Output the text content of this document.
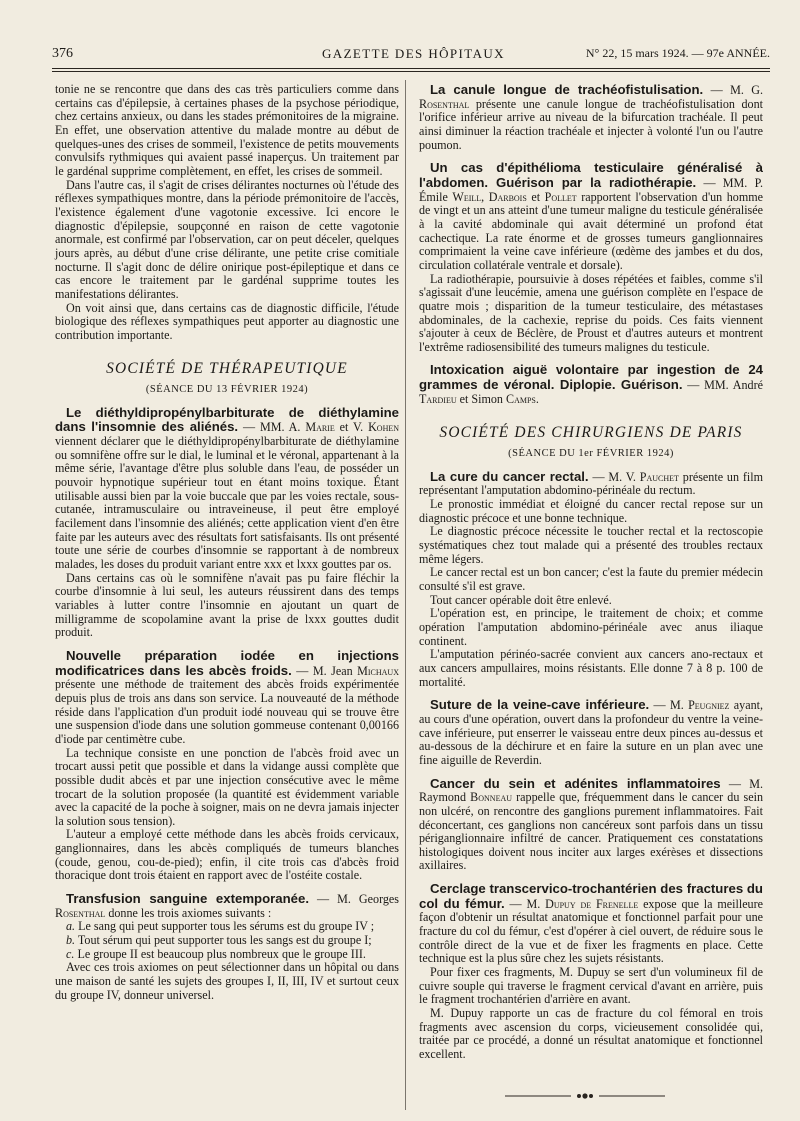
376	GAZETTE DES HÔPITAUX	N° 22, 15 mars 1924. — 97e ANNÉE.

tonie ne se rencontre que dans des cas très particuliers comme dans certains cas d'épilepsie, à certaines phases de la psychose périodique, chez certains anxieux, ou dans les stades prémonitoires de la migraine. En effet, une observation attentive du malade montre au début de quelques-unes des crises de sommeil, l'existence de petits mouvements convulsifs rythmiques qui avaient passé inaperçus. Un traitement par le gardénal supprime complètement, en effet, les crises de sommeil.

Dans l'autre cas, il s'agit de crises délirantes nocturnes où l'étude des réflexes sympathiques montre, dans la période prémonitoire de l'accès, l'existence également d'une vagotonie excessive. Ici encore le diagnostic d'épilepsie, soupçonné en raison de cette vagotonie anormale, est confirmé par l'observation, car on peut déceler, quelques jours après, au début d'une crise délirante, une petite crise comitiale nocturne. Il s'agit donc de délire onirique post-épileptique et dans ce cas encore le traitement par le gardénal supprime toutes les manifestations délirantes.

On voit ainsi que, dans certains cas de diagnostic difficile, l'étude biologique des réflexes sympathiques peut apporter au diagnostic une contribution importante.

SOCIÉTÉ DE THÉRAPEUTIQUE
(SÉANCE DU 13 FÉVRIER 1924)

Le diéthyldipropénylbarbiturate de diéthylamine dans l'insomnie des aliénés. — MM. A. Marie et V. Kohen viennent déclarer que le diéthyldipropénylbarbiturate de diéthylamine ou somnifène offre sur le dial, le luminal et le véronal, appartenant à la même série, l'avantage d'être plus soluble dans l'eau, de posséder un pouvoir hypnotique supérieur tout en étant moins toxique. Étant utilisable aussi bien par la voie buccale que par les voies rectale, sous-cutanée, intramusculaire ou intraveineuse, il peut être employé facilement dans l'insomnie des aliénés; cette application vient d'en être faite par les auteurs avec des résultats fort satisfaisants. Ils ont présenté toute une série de courbes d'insomnie se rapportant à de nombreux malades, les doses du produit variant entre xxx et lxxx gouttes par os.

Dans certains cas où le somnifène n'avait pas pu faire fléchir la courbe d'insomnie à lui seul, les auteurs réussirent dans des temps variables à lutter contre l'insomnie en ajoutant un quart de milligramme de scopolamine avant la prise de lxxx gouttes dudit produit.

Nouvelle préparation iodée en injections modificatrices dans les abcès froids. — M. Jean Michaux présente une méthode de traitement des abcès froids expérimentée depuis plus de trois ans dans son service. La nouveauté de la méthode réside dans l'application d'un produit iodé nouveau qui se trouve être une suspension d'iode dans une solution gommeuse contenant 0,00166 d'iode par centimètre cube.

La technique consiste en une ponction de l'abcès froid avec un trocart aussi petit que possible et dans la vidange aussi complète que possible dudit abcès et par une injection consécutive avec le même trocart de la solution proposée (la quantité est évidemment variable avec la capacité de la poche à soigner, mais on ne devra jamais injecter la solution sous tension).

L'auteur a employé cette méthode dans les abcès froids cervicaux, ganglionnaires, dans les abcès compliqués de tumeurs blanches (coude, genou, cou-de-pied); enfin, il cite trois cas d'abcès froid thoracique dont trois étaient en rapport avec de l'ostéite costale.

Transfusion sanguine extemporanée. — M. Georges Rosenthal donne les trois axiomes suivants :

a. Le sang qui peut supporter tous les sérums est du groupe IV ;

b. Tout sérum qui peut supporter tous les sangs est du groupe I;

c. Le groupe II est beaucoup plus nombreux que le groupe III.

Avec ces trois axiomes on peut sélectionner dans un hôpital ou dans une maison de santé les sujets des groupes I, II, III, IV et surtout ceux du groupe IV, donneur universel.

La canule longue de trachéofistulisation. — M. G. Rosenthal présente une canule longue de trachéofistulisation dont l'orifice inférieur arrive au niveau de la bifurcation trachéale. Il peut ainsi diminuer la réaction trachéale et injecter à volonté l'un ou l'autre poumon.

Un cas d'épithélioma testiculaire généralisé à l'abdomen. Guérison par la radiothérapie. — MM. P. Émile Weill, Darbois et Pollet rapportent l'observation d'un homme de vingt et un ans atteint d'une tumeur maligne du testicule généralisée à la cavité abdominale qui avait déterminé un profond état cachectique. La rate énorme et de grosses tumeurs ganglionnaires comprimaient la veine cave inférieure (œdème des jambes et du dos, circulation collatérale ventrale et dorsale).

La radiothérapie, poursuivie à doses répétées et faibles, comme s'il s'agissait d'une leucémie, amena une guérison complète en l'espace de quatre mois ; disparition de la tumeur testiculaire, des métastases abdominales, de la cachexie, reprise du poids. Ces faits viennent s'ajouter à ceux de Béclère, de Proust et d'autres auteurs et montrent l'extrême radiosensibilité des tumeurs malignes du testicule.

Intoxication aiguë volontaire par ingestion de 24 grammes de véronal. Diplopie. Guérison. — MM. André Tardieu et Simon Camps.

SOCIÉTÉ DES CHIRURGIENS DE PARIS
(SÉANCE DU 1er FÉVRIER 1924)

La cure du cancer rectal. — M. V. Pauchet présente un film représentant l'amputation abdomino-périnéale du rectum.

Le pronostic immédiat et éloigné du cancer rectal repose sur un diagnostic précoce et une bonne technique.

Le diagnostic précoce nécessite le toucher rectal et la rectoscopie systématiques chez tout malade qui a présenté des troubles rectaux même légers.

Le cancer rectal est un bon cancer; c'est la faute du premier médecin consulté s'il est grave.

Tout cancer opérable doit être enlevé.

L'opération est, en principe, le traitement de choix; et comme opération l'amputation abdomino-périnéale avec anus iliaque continent.

L'amputation périnéo-sacrée convient aux cancers ano-rectaux et aux cancers ampullaires, moins résistants. Elle donne 7 à 8 p. 100 de mortalité.

Suture de la veine-cave inférieure. — M. Peugniez ayant, au cours d'une opération, ouvert dans la profondeur du ventre la veine-cave inférieure, put enserrer le vaisseau entre deux pinces au-dessus et au-dessous de la déchirure et en faire la suture en un plan avec une fine aiguille de Reverdin.

Cancer du sein et adénites inflammatoires — M. Raymond Bonneau rappelle que, fréquemment dans le cancer du sein non ulcéré, on rencontre des ganglions purement inflammatoires. Fait déconcertant, ces ganglions non cancéreux sont parfois dans un tissu périganglionnaire infiltré de cancer. Pratiquement ces constatations histologiques doivent nous inciter aux larges exérèses et dissections axillaires.

Cerclage transcervico-trochantérien des fractures du col du fémur. — M. Dupuy de Frenelle expose que la meilleure façon d'obtenir un résultat anatomique et fonctionnel parfait pour une fracture du col du fémur, c'est d'opérer à ciel ouvert, de réduire sous le contrôle direct de la vue et de fixer les fragments en place. Cette technique est la plus sûre chez les sujets résistants.

Pour fixer ces fragments, M. Dupuy se sert d'un volumineux fil de cuivre souple qui traverse le fragment cervical d'avant en arrière, puis le fragment trochantérien d'arrière en avant.

M. Dupuy rapporte un cas de fracture du col fémoral en trois fragments avec ascension du corps, vicieusement consolidée qui, traitée par ce procédé, a donné un résultat anatomique et fonctionnel excellent.
